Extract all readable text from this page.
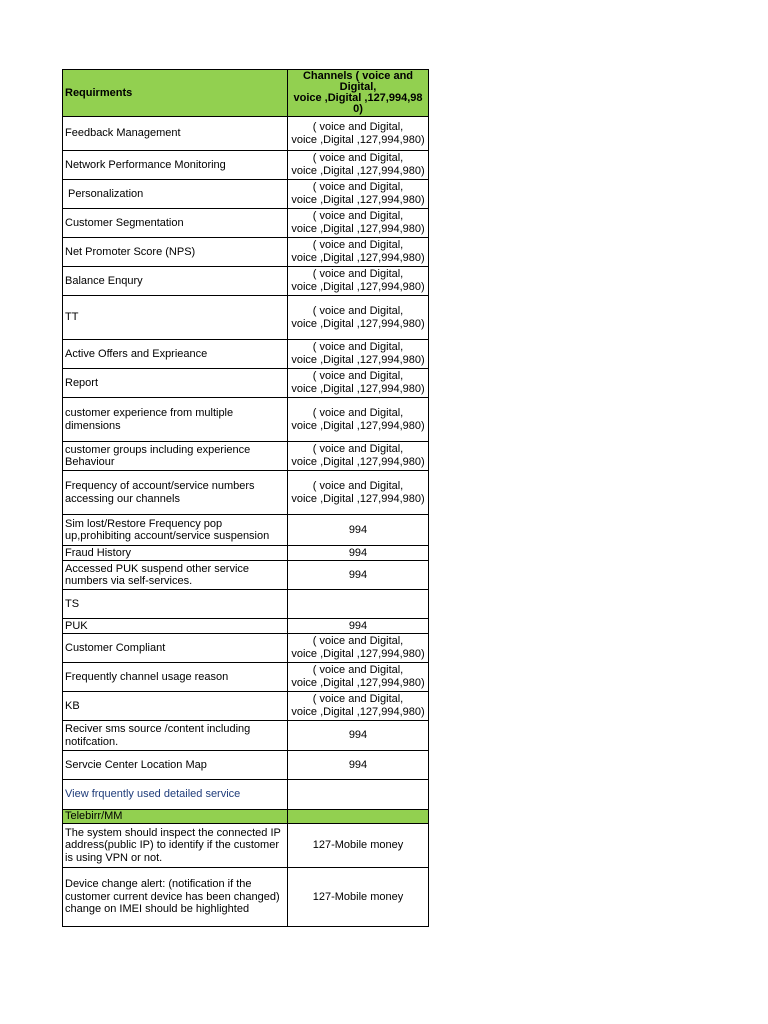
Requirments	Channels ( voice and
Digital,
voice ,Digital ,127,994,98
0)

Feedback Management	( voice and Digital,
voice ,Digital ,127,994,980)

Network Performance Monitoring	( voice and Digital,
voice ,Digital ,127,994,980)

Personalization	( voice and Digital,
voice ,Digital ,127,994,980)

Customer Segmentation	( voice and Digital,
voice ,Digital ,127,994,980)

Net Promoter Score (NPS)	( voice and Digital,
voice ,Digital ,127,994,980)

Balance Enqury	( voice and Digital,
voice ,Digital ,127,994,980)

TT	( voice and Digital,
voice ,Digital ,127,994,980)

Active Offers and Exprieance	( voice and Digital,
voice ,Digital ,127,994,980)

Report	( voice and Digital,
voice ,Digital ,127,994,980)

customer experience from multiple dimensions	( voice and Digital,
voice ,Digital ,127,994,980)

customer groups including experience Behaviour	( voice and Digital,
voice ,Digital ,127,994,980)

Frequency of account/service numbers accessing our channels	( voice and Digital,
voice ,Digital ,127,994,980)

Sim lost/Restore Frequency pop up,prohibiting account/service suspension	994
Fraud History	994
Accessed PUK suspend other service numbers via self-services.	994
TS	
PUK	994
Customer Compliant	( voice and Digital,
voice ,Digital ,127,994,980)

Frequently channel usage reason	( voice and Digital,
voice ,Digital ,127,994,980)

KB	( voice and Digital,
voice ,Digital ,127,994,980)

Reciver sms source /content including notifcation.	994
Servcie Center Location Map	994
View frquently used detailed service	
Telebirr/MM	
The system should inspect the connected IP address(public IP) to identify if the customer is using VPN or not.	127-Mobile money
Device change alert: (notification if the customer current device has been changed) change on IMEI should be highlighted	127-Mobile money
